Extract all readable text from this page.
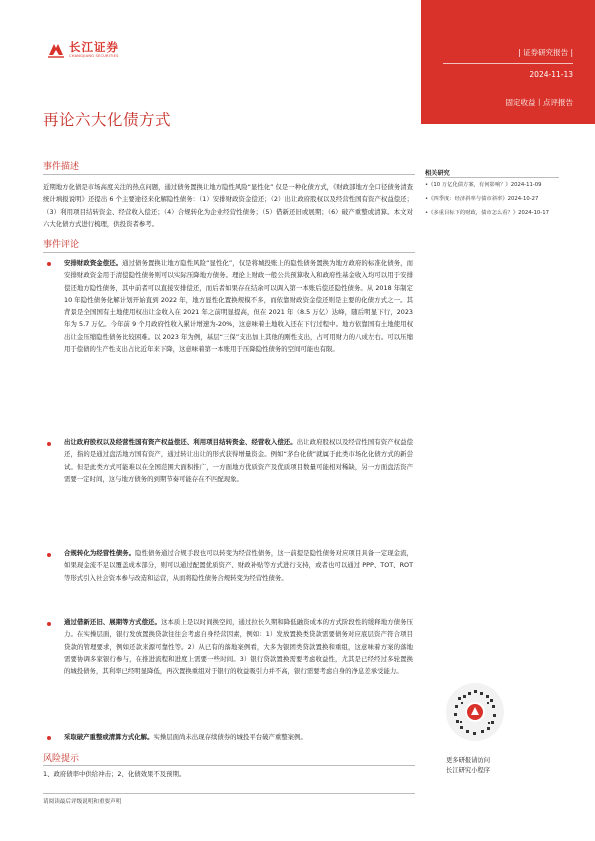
长江证券
CHANGJIANG SECURITIES	| 证券研究报告 |
2024-11-13
固定收益丨点评报告
再论六大化债方式
事件描述
近期地方化债是市场高度关注的热点问题，通过债务置换让地方隐性风险“显性化” 仅是一种化债方式，《财政部地方全口径债务清查统计填报说明》还提出 6 个主要途径来化解隐性债务：（1）安排财政资金偿还；（2）出让政府股权以及经营性国有资产权益偿还；（3）利用项目结转资金、经营收入偿还；（4）合规转化为企业经营性债务；（5）借新还旧或展期；（6）破产重整或清算。本文对六大化债方式进行梳理，供投资者参考。
事件评论
安排财政资金偿还。通过债务置换让地方隐性风险“显性化”，仅是将城投账上的隐性债务置换为地方政府的标准化债务，而安排财政资金用于清偿隐性债务则可以实际压降地方债务。理论上财政一般公共预算收入和政府性基金收入均可以用于安排偿还地方隐性债务，其中前者可以直接安排偿还，而后者如果存在结余可以调入第一本账后偿还隐性债务。从 2018 年制定 10 年隐性债务化解计划开始直到 2022 年，地方显性化置换规模不多，而依靠财政资金偿还则是主要的化债方式之一。其背景是全国国有土地使用权出让金收入在 2021 年之前明显提高，但在 2021 年（8.5 万亿）达峰，随后明显下行，2023 年为 5.7 万亿。今年前 9 个月政府性收入累计增速为-20%，这意味着土地收入还在下行过程中。地方依靠国有土地使用权出让金压缩隐性债务比较困难。以 2023 年为例，基层“三保”支出加上其他的刚性支出，占可用财力的八成左右。可以压缩用于偿债的生产性支出占比近年来下降，这意味着第一本账用于压降隐性债务的空间可能也有限。
出让政府股权以及经营性国有资产权益偿还、利用项目结转资金、经营收入偿还。出让政府股权以及经营性国有资产权益偿还，指的是通过盘活地方国有资产，通过转让出让的形式获得增量资金。例如“茅台化债”就属于此类市场化化债方式的新尝试。但是此类方式可能难以在全国范围大面积推广，一方面地方优质资产及优质项目数量可能相对稀缺，另一方面盘活资产需要一定时间，这与地方债务的到期节奏可能存在不匹配现象。
合规转化为经营性债务。隐性债务通过合规手段也可以转变为经营性债务，这一前提是隐性债务对应项目具备一定现金流，如果现金流不足以覆盖成本部分，则可以通过配置优质资产、财政补贴等方式进行支持，或者也可以通过 PPP、TOT、ROT 等形式引入社会资本参与改造和运营，从而将隐性债务合规转变为经营性债务。
通过借新还旧、展期等方式偿还。这本质上是以时间换空间，通过拉长久期和降低融资成本的方式阶段性的缓释地方债务压力。在实操层面，银行发放置换贷款往往会考虑自身经营因素，例如：1）发放置换类贷款需要债务对应底层资产符合项目贷款的管理要求，例如还款来源可靠性等。2）从已有的落地案例看，大多为银团类贷款置换和重组，这意味着方案的落地需要协调多家银行参与，在推进流程和进度上需要一些时间。3）银行贷款置换需要考虑收益性，尤其是已经经过多轮置换的城投债务，其利率已经明显降低，再次置换重组对于银行的收益吸引力并不高，银行需要考虑自身的净息差承受能力。
采取破产重整或清算方式化解。实操层面尚未出现存续债券的城投平台破产重整案例。
风险提示
1、政府债率中供给冲击；2、化债效果不及预期。
相关研究
•《10 万亿化债方案，有何影响？》2024-11-09
•《四季度：经济斜率与债市斜率》2024-10-27
•《多重目标下的财政，债市怎么看？》2024-10-17
更多研报请访问
长江研究小程序
请阅读最后评级说明和重要声明
